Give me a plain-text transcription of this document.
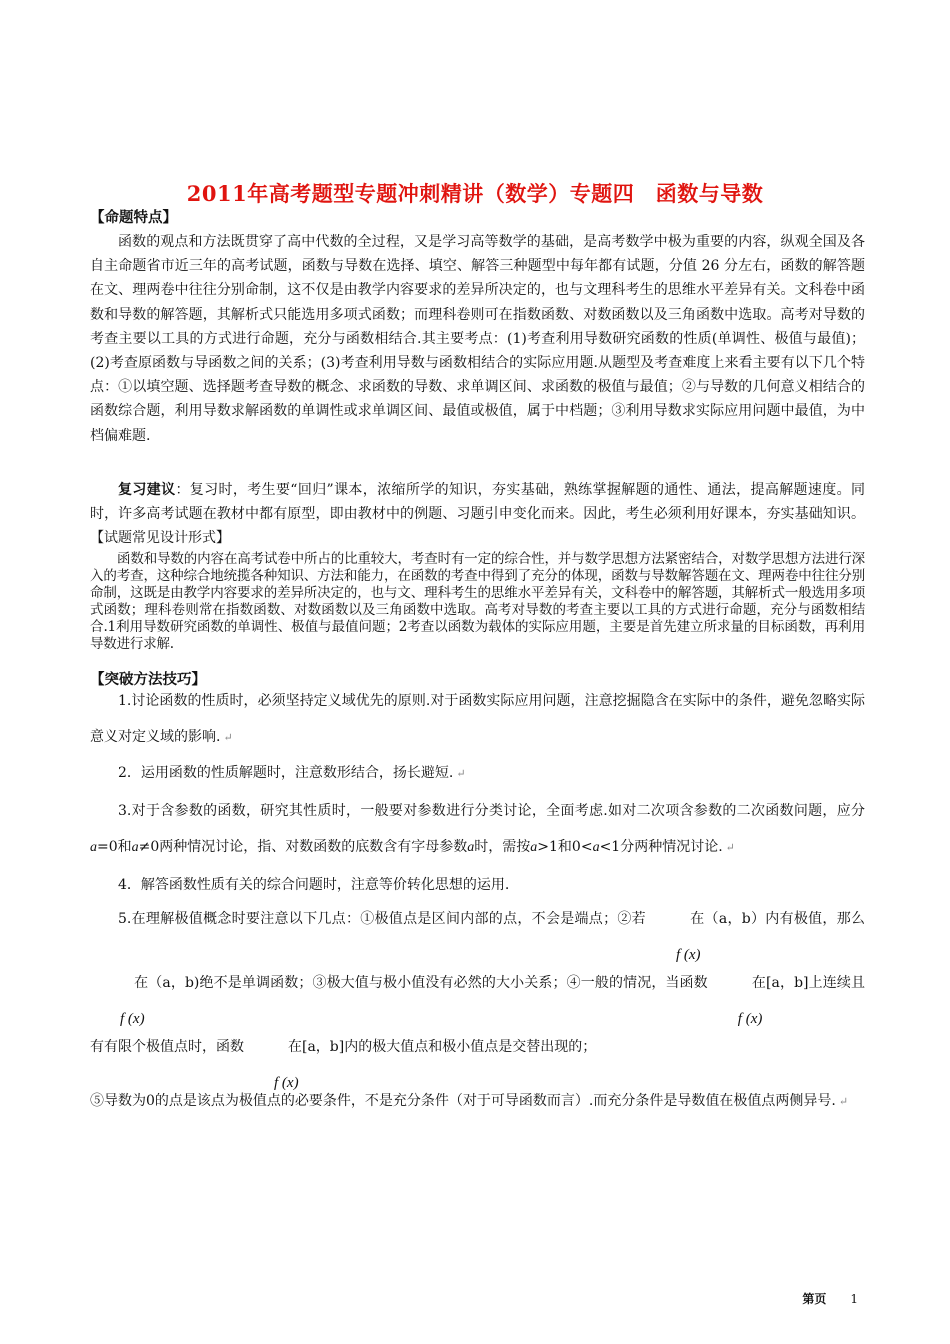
2011年高考题型专题冲刺精讲（数学）专题四　函数与导数
【命题特点】

函数的观点和方法既贯穿了高中代数的全过程，又是学习高等数学的基础，是高考数学中极为重要的内容，纵观全国及各自主命题省市近三年的高考试题，函数与导数在选择、填空、解答三种题型中每年都有试题，分值 26 分左右，函数的解答题在文、理两卷中往往分别命制，这不仅是由教学内容要求的差异所决定的，也与文理科考生的思维水平差异有关。文科卷中函数和导数的解答题，其解析式只能选用多项式函数；而理科卷则可在指数函数、对数函数以及三角函数中选取。高考对导数的考查主要以工具的方式进行命题，充分与函数相结合.其主要考点：(1)考查利用导数研究函数的性质(单调性、极值与最值)；(2)考查原函数与导函数之间的关系；(3)考查利用导数与函数相结合的实际应用题.从题型及考查难度上来看主要有以下几个特点：①以填空题、选择题考查导数的概念、求函数的导数、求单调区间、求函数的极值与最值；②与导数的几何意义相结合的函数综合题，利用导数求解函数的单调性或求单调区间、最值或极值，属于中档题；③利用导数求实际应用问题中最值，为中档偏难题.

复习建议：复习时，考生要“回归”课本，浓缩所学的知识，夯实基础，熟练掌握解题的通性、通法，提高解题速度。同时，许多高考试题在教材中都有原型，即由教材中的例题、习题引申变化而来。因此，考生必须利用好课本，夯实基础知识。【试题常见设计形式】

函数和导数的内容在高考试卷中所占的比重较大，考查时有一定的综合性，并与数学思想方法紧密结合，对数学思想方法进行深入的考查，这种综合地统揽各种知识、方法和能力，在函数的考查中得到了充分的体现，函数与导数解答题在文、理两卷中往往分别命制，这既是由教学内容要求的差异所决定的，也与文、理科考生的思维水平差异有关，文科卷中的解答题，其解析式一般选用多项式函数；理科卷则常在指数函数、对数函数以及三角函数中选取。高考对导数的考查主要以工具的方式进行命题，充分与函数相结合.1利用导数研究函数的单调性、极值与最值问题；2考查以函数为载体的实际应用题，主要是首先建立所求量的目标函数，再利用导数进行求解.

【突破方法技巧】

1.讨论函数的性质时，必须坚持定义域优先的原则.对于函数实际应用问题，注意挖掘隐含在实际中的条件，避免忽略实际意义对定义域的影响. ↵

2．运用函数的性质解题时，注意数形结合，扬长避短. ↵

3.对于含参数的函数，研究其性质时，一般要对参数进行分类讨论，全面考虑.如对二次项含参数的二次函数问题，应分a=0和a≠0两种情况讨论，指、对数函数的底数含有字母参数a时，需按a>1和0<a<1分两种情况讨论. ↵

4．解答函数性质有关的综合问题时，注意等价转化思想的运用.

5.在理解极值概念时要注意以下几点：①极值点是区间内部的点，不会是端点；②若
f (x)
在（a，b）内有极值，那么
f (x)
在（a，b)绝不是单调函数；③极大值与极小值没有必然的大小关系；④一般的情况，当函数
f (x)
在[a，b]上连续且有有限个极值点时，函数
f (x)
在[a，b]内的极大值点和极小值点是交替出现的；

⑤导数为0的点是该点为极值点的必要条件，不是充分条件（对于可导函数而言）.而充分条件是导数值在极值点两侧异号. ↵

第页 1
